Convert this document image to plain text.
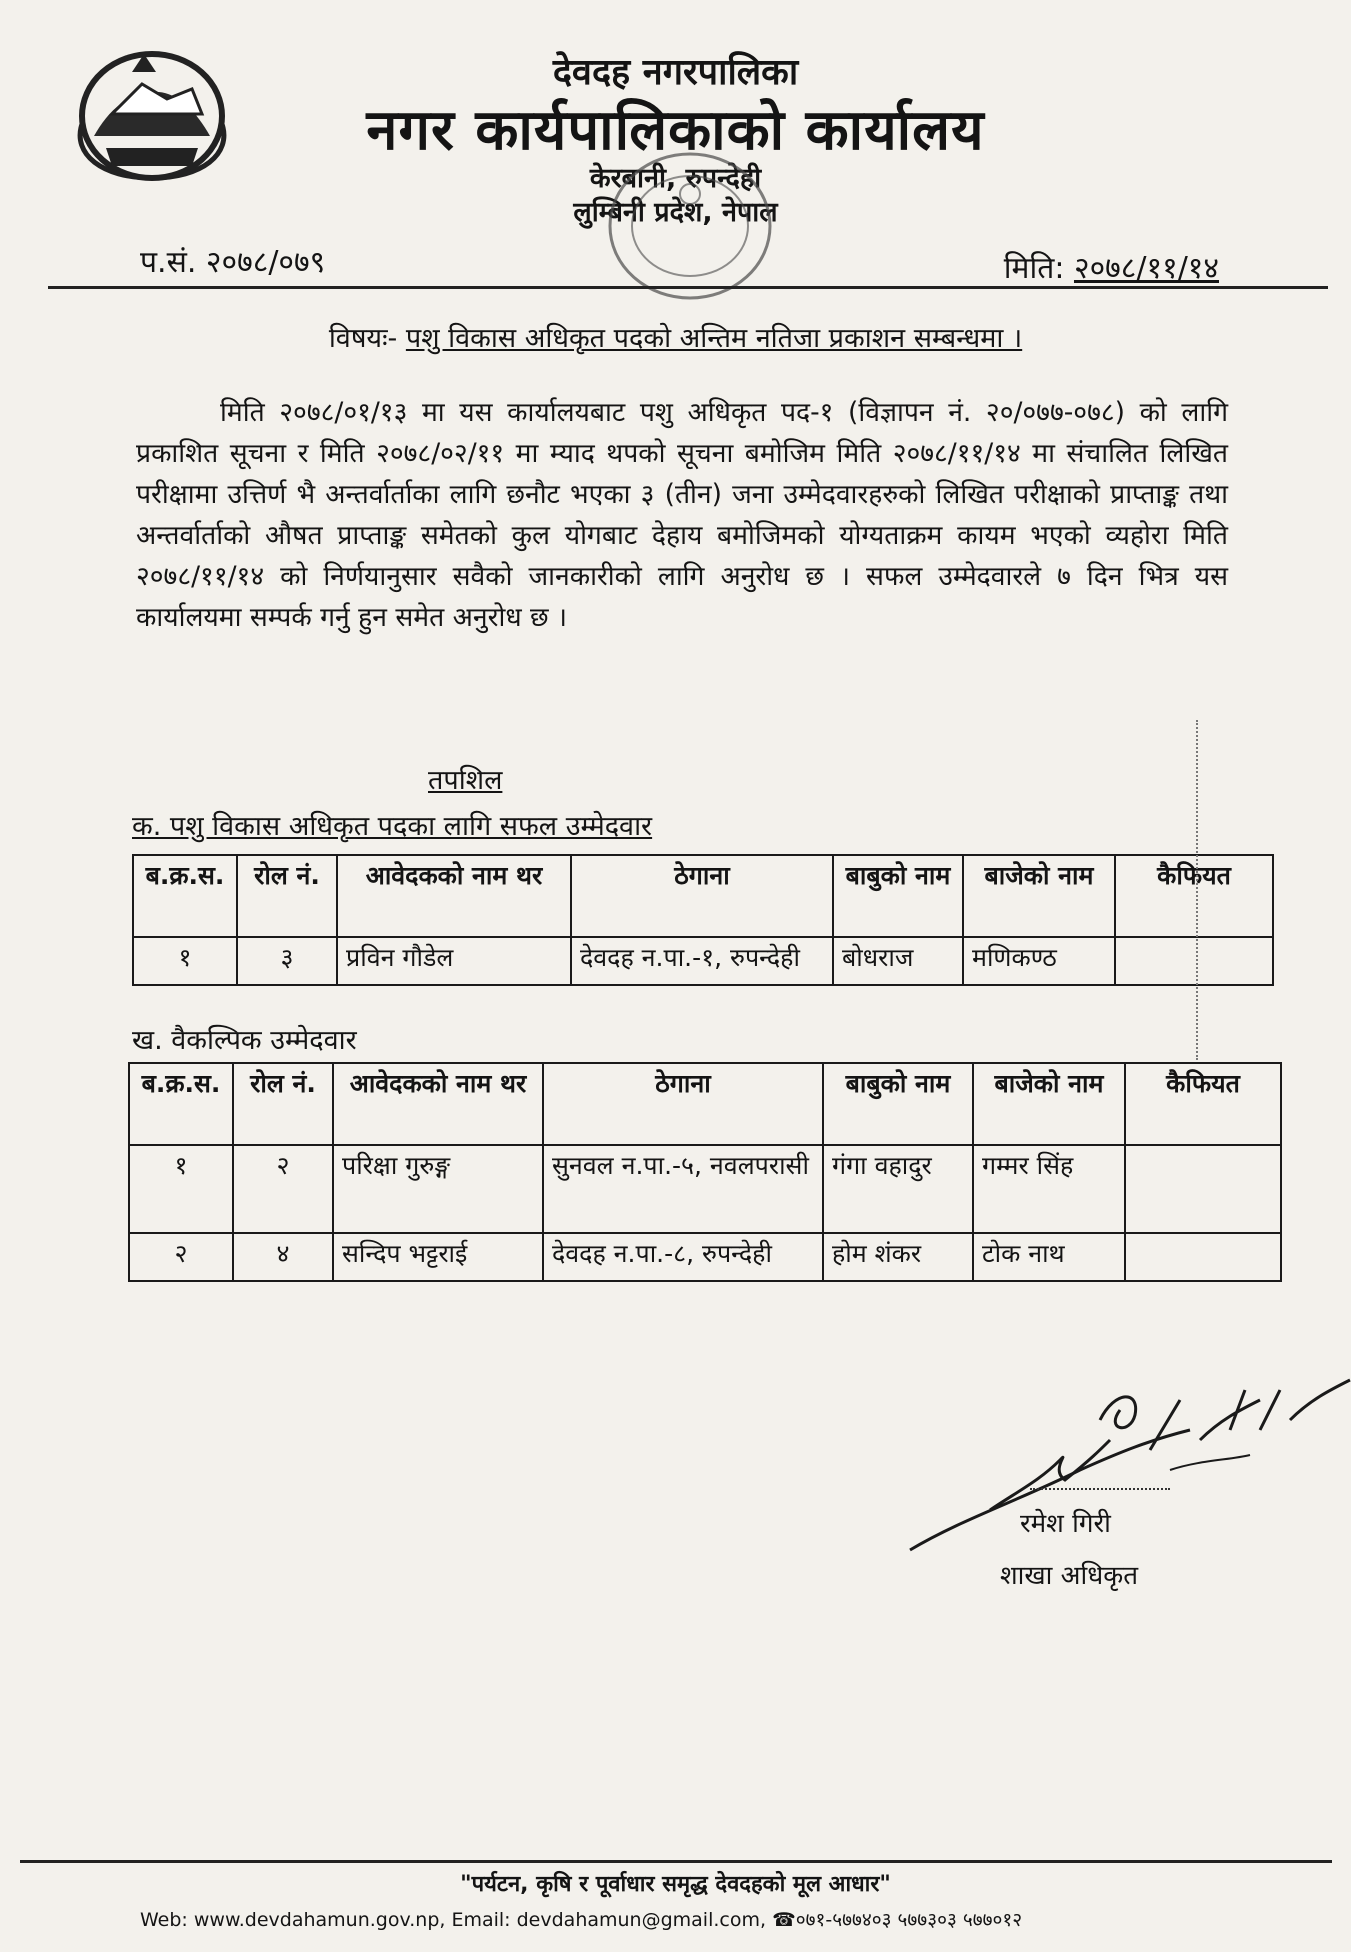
देवदह नगरपालिका
नगर कार्यपालिकाको कार्यालय
केरबानी, रुपन्देही
लुम्बिनी प्रदेश, नेपाल
प.सं. २०७८/०७९	मिति: २०७८/११/१४
विषयः- पशु विकास अधिकृत पदको अन्तिम नतिजा प्रकाशन सम्बन्धमा ।
मिति २०७८/०१/१३ मा यस कार्यालयबाट पशु अधिकृत पद-१ (विज्ञापन नं. २०/०७७-०७८) को लागि प्रकाशित सूचना र मिति २०७८/०२/११ मा म्याद थपको सूचना बमोजिम मिति २०७८/११/१४ मा संचालित लिखित परीक्षामा उत्तिर्ण भै अन्तर्वार्ताका लागि छनौट भएका ३ (तीन) जना उम्मेदवारहरुको लिखित परीक्षाको प्राप्ताङ्क तथा अन्तर्वार्ताको औषत प्राप्ताङ्क समेतको कुल योगबाट देहाय बमोजिमको योग्यताक्रम कायम भएको व्यहोरा मिति २०७८/११/१४ को निर्णयानुसार सवैको जानकारीको लागि अनुरोध छ । सफल उम्मेदवारले ७ दिन भित्र यस कार्यालयमा सम्पर्क गर्नु हुन समेत अनुरोध छ ।
तपशिल
क. पशु विकास अधिकृत पदका लागि सफल उम्मेदवार
ब.क्र.स.	रोल नं.	आवेदकको नाम थर	ठेगाना	बाबुको नाम	बाजेको नाम	कैफियत
१	३	प्रविन गौडेल	देवदह न.पा.-१, रुपन्देही	बोधराज	मणिकण्ठ	
ख. वैकल्पिक उम्मेदवार
ब.क्र.स.	रोल नं.	आवेदकको नाम थर	ठेगाना	बाबुको नाम	बाजेको नाम	कैफियत
१	२	परिक्षा गुरुङ्ग	सुनवल न.पा.-५, नवलपरासी	गंगा वहादुर	गम्मर सिंह	
२	४	सन्दिप भट्टराई	देवदह न.पा.-८, रुपन्देही	होम शंकर	टोक नाथ	
रमेश गिरी
शाखा अधिकृत
"पर्यटन, कृषि र पूर्वाधार समृद्ध देवदहको मूल आधार"
Web: www.devdahamun.gov.np, Email: devdahamun@gmail.com, ☎०७१-५७७४०३ ५७७३०३ ५७७०१२
